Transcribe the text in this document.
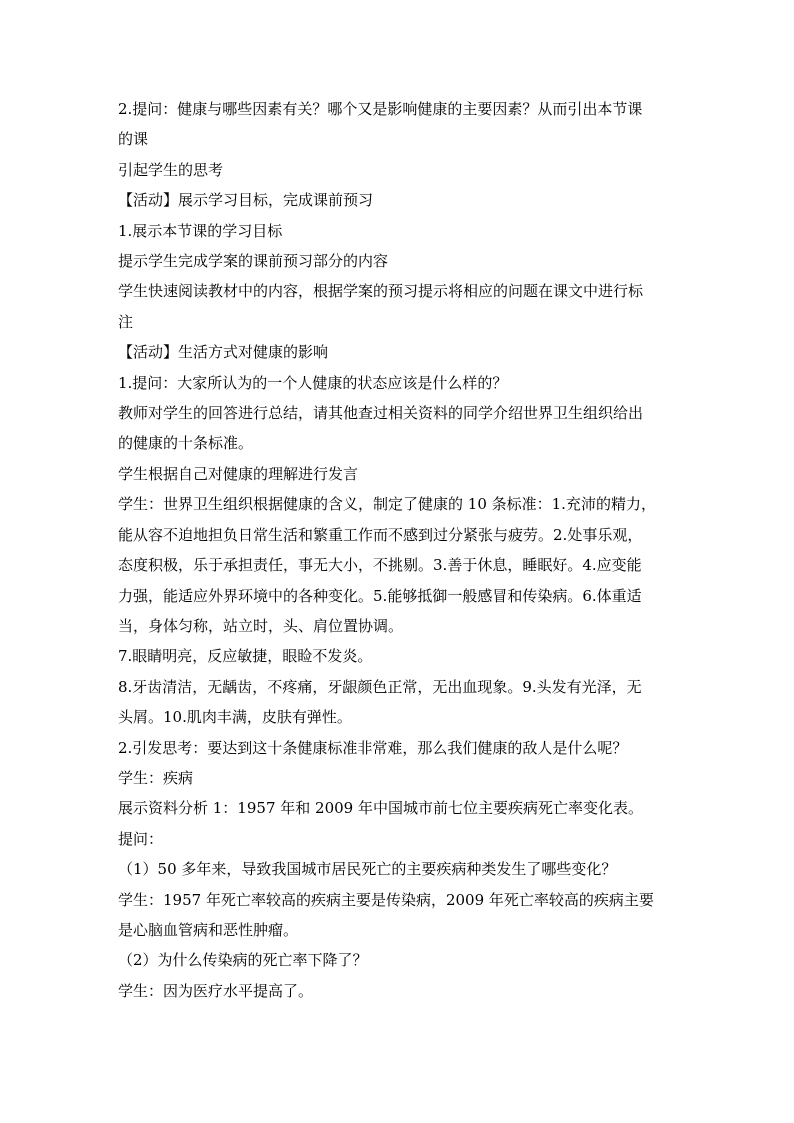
2.提问：健康与哪些因素有关？哪个又是影响健康的主要因素？从而引出本节课

的课

引起学生的思考

【活动】展示学习目标，完成课前预习

1.展示本节课的学习目标

提示学生完成学案的课前预习部分的内容

学生快速阅读教材中的内容，根据学案的预习提示将相应的问题在课文中进行标

注

【活动】生活方式对健康的影响

1.提问：大家所认为的一个人健康的状态应该是什么样的？

教师对学生的回答进行总结，请其他查过相关资料的同学介绍世界卫生组织给出

的健康的十条标准。

学生根据自己对健康的理解进行发言

学生：世界卫生组织根据健康的含义，制定了健康的 10 条标准：1.充沛的精力，

能从容不迫地担负日常生活和繁重工作而不感到过分紧张与疲劳。2.处事乐观，

态度积极，乐于承担责任，事无大小，不挑剔。3.善于休息，睡眠好。4.应变能

力强，能适应外界环境中的各种变化。5.能够抵御一般感冒和传染病。6.体重适

当，身体匀称，站立时，头、肩位置协调。

7.眼睛明亮，反应敏捷，眼睑不发炎。

8.牙齿清洁，无龋齿，不疼痛，牙龈颜色正常，无出血现象。9.头发有光泽，无

头屑。10.肌肉丰满，皮肤有弹性。

2.引发思考：要达到这十条健康标准非常难，那么我们健康的敌人是什么呢？

学生：疾病

展示资料分析 1：1957 年和 2009 年中国城市前七位主要疾病死亡率变化表。

提问：

（1）50 多年来，导致我国城市居民死亡的主要疾病种类发生了哪些变化？

学生：1957 年死亡率较高的疾病主要是传染病，2009 年死亡率较高的疾病主要

是心脑血管病和恶性肿瘤。

（2）为什么传染病的死亡率下降了？

学生：因为医疗水平提高了。
